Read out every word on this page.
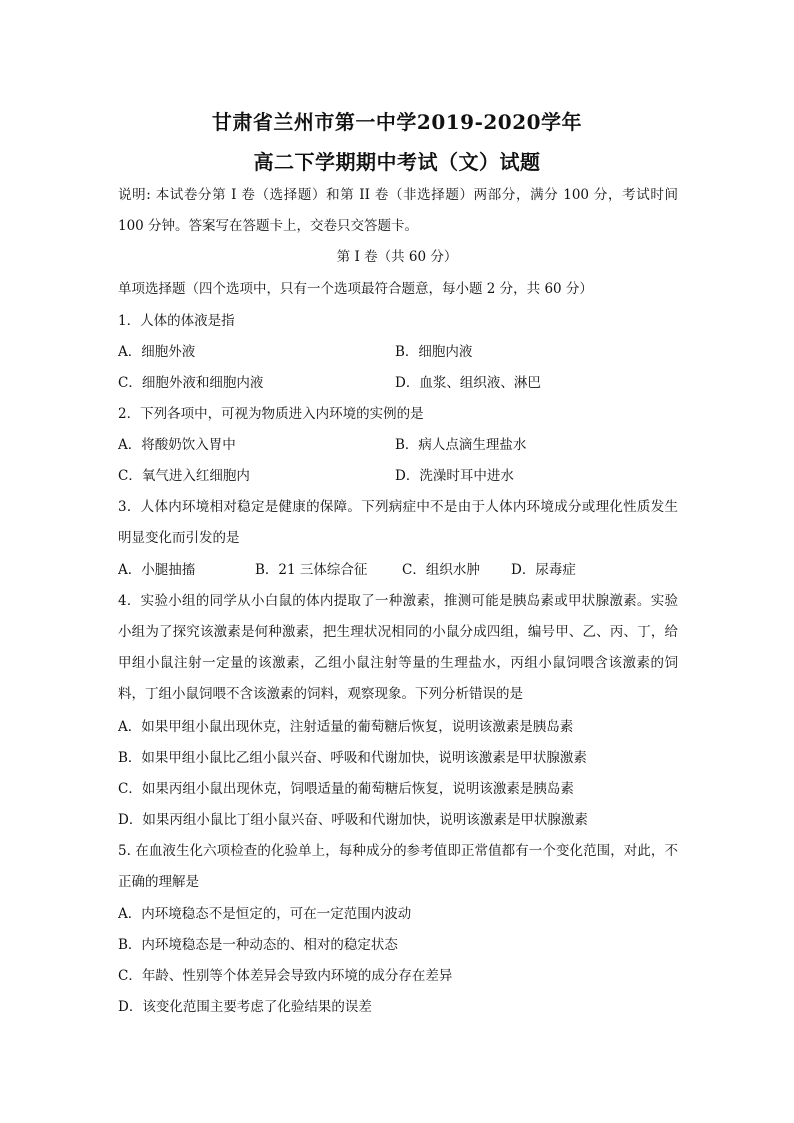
甘肃省兰州市第一中学2019-2020学年
高二下学期期中考试（文）试题
说明: 本试卷分第 I 卷（选择题）和第 II 卷（非选择题）两部分，满分 100 分，考试时间 100 分钟。答案写在答题卡上，交卷只交答题卡。
第 I 卷（共 60 分）
单项选择题（四个选项中，只有一个选项最符合题意，每小题 2 分，共 60 分）
1．人体的体液是指
A．细胞外液	B．细胞内液
C．细胞外液和细胞内液	D．血浆、组织液、淋巴
2．下列各项中，可视为物质进入内环境的实例的是
A．将酸奶饮入胃中	B．病人点滴生理盐水
C．氧气进入红细胞内	D．洗澡时耳中进水
3．人体内环境相对稳定是健康的保障。下列病症中不是由于人体内环境成分或理化性质发生明显变化而引发的是
A．小腿抽搐	B．21 三体综合征	C．组织水肿 D．尿毒症
4．实验小组的同学从小白鼠的体内提取了一种激素，推测可能是胰岛素或甲状腺激素。实验小组为了探究该激素是何种激素，把生理状况相同的小鼠分成四组，编号甲、乙、丙、丁，给甲组小鼠注射一定量的该激素，乙组小鼠注射等量的生理盐水，丙组小鼠饲喂含该激素的饲料，丁组小鼠饲喂不含该激素的饲料，观察现象。下列分析错误的是
A．如果甲组小鼠出现休克，注射适量的葡萄糖后恢复，说明该激素是胰岛素
B．如果甲组小鼠比乙组小鼠兴奋、呼吸和代谢加快，说明该激素是甲状腺激素
C．如果丙组小鼠出现休克，饲喂适量的葡萄糖后恢复，说明该激素是胰岛素
D．如果丙组小鼠比丁组小鼠兴奋、呼吸和代谢加快，说明该激素是甲状腺激素
5. 在血液生化六项检查的化验单上，每种成分的参考值即正常值都有一个变化范围，对此，不正确的理解是
A．内环境稳态不是恒定的，可在一定范围内波动
B．内环境稳态是一种动态的、相对的稳定状态
C．年龄、性别等个体差异会导致内环境的成分存在差异
D．该变化范围主要考虑了化验结果的误差
